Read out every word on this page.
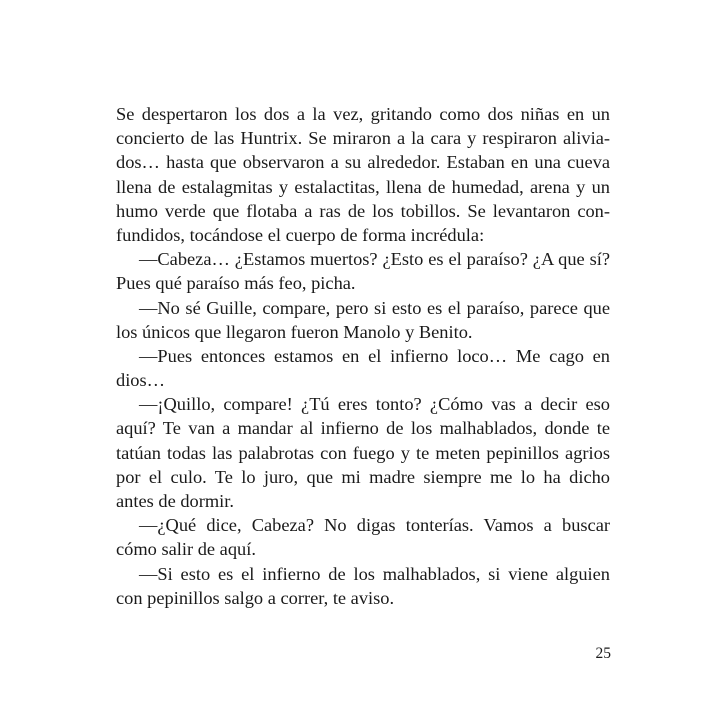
Se despertaron los dos a la vez, gritando como dos niñas en un
concierto de las Huntrix. Se miraron a la cara y respiraron alivia-
dos… hasta que observaron a su alrededor. Estaban en una cueva
llena de estalagmitas y estalactitas, llena de humedad, arena y un
humo verde que flotaba a ras de los tobillos. Se levantaron con-
fundidos, tocándose el cuerpo de forma incrédula:
—Cabeza… ¿Estamos muertos? ¿Esto es el paraíso? ¿A que sí?
Pues qué paraíso más feo, picha.
—No sé Guille, compare, pero si esto es el paraíso, parece que
los únicos que llegaron fueron Manolo y Benito.
—Pues entonces estamos en el infierno loco… Me cago en
dios…
—¡Quillo, compare! ¿Tú eres tonto? ¿Cómo vas a decir eso
aquí? Te van a mandar al infierno de los malhablados, donde te
tatúan todas las palabrotas con fuego y te meten pepinillos agrios
por el culo. Te lo juro, que mi madre siempre me lo ha dicho
antes de dormir.
—¿Qué dice, Cabeza? No digas tonterías. Vamos a buscar
cómo salir de aquí.
—Si esto es el infierno de los malhablados, si viene alguien
con pepinillos salgo a correr, te aviso.
25
